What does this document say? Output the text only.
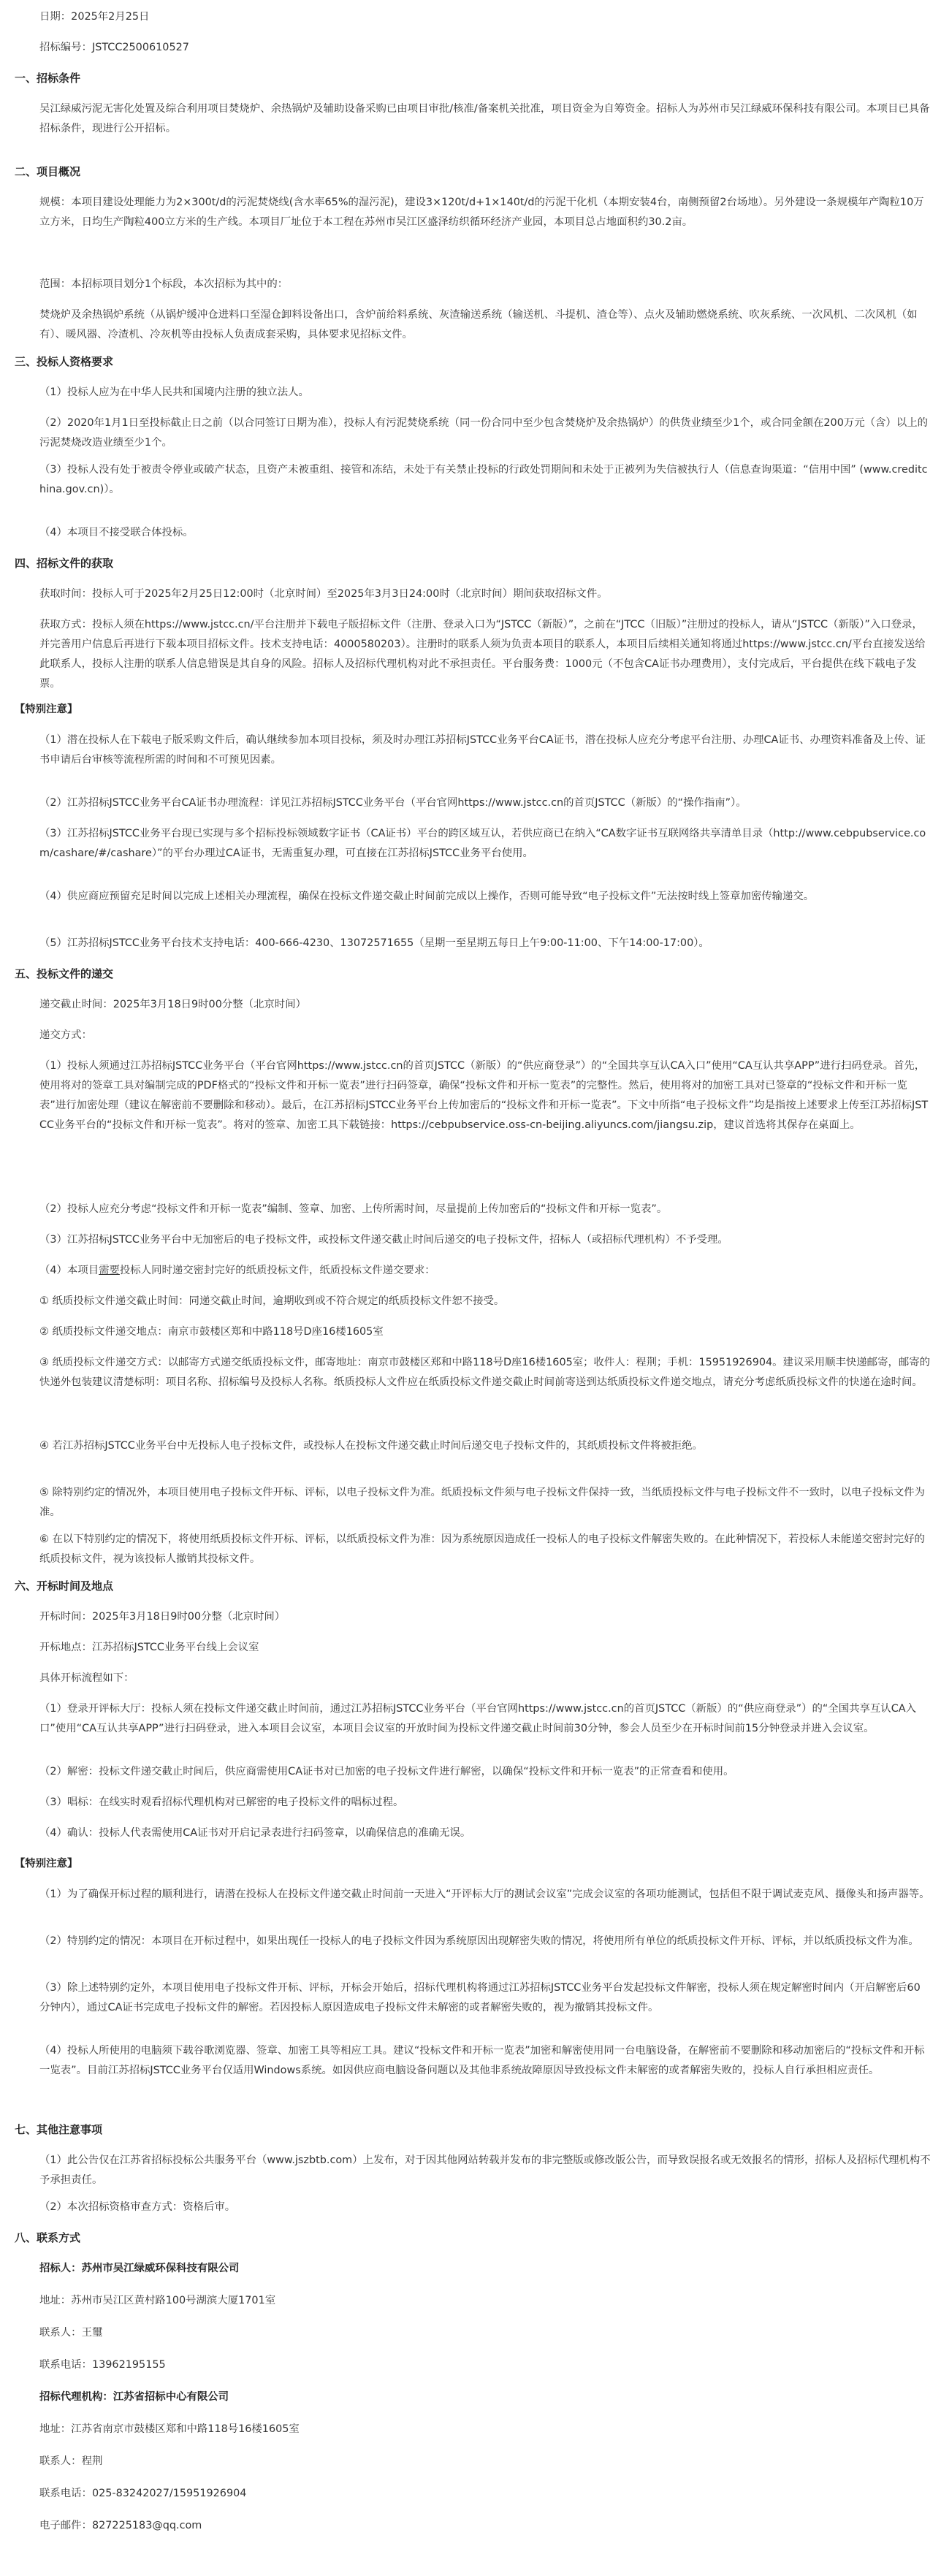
日期：2025年2月25日

招标编号：JSTCC2500610527

一、招标条件

吴江绿威污泥无害化处置及综合利用项目焚烧炉、余热锅炉及辅助设备采购已由项目审批/核准/备案机关批准，项目资金为自筹资金。招标人为苏州市吴江绿威环保科技有限公司。本项目已具备招标条件，现进行公开招标。

二、项目概况

规模：本项目建设处理能力为2×300t/d的污泥焚烧线(含水率65%的湿污泥)，建设3×120t/d+1×140t/d的污泥干化机（本期安装4台，南侧预留2台场地）。另外建设一条规模年产陶粒10万立方米，日均生产陶粒400立方米的生产线。本项目厂址位于本工程在苏州市吴江区盛泽纺织循环经济产业园，本项目总占地面积约30.2亩。

范围：本招标项目划分1个标段，本次招标为其中的：

焚烧炉及余热锅炉系统（从锅炉缓冲仓进料口至湿仓卸料设备出口，含炉前给料系统、灰渣输送系统（输送机、斗提机、渣仓等）、点火及辅助燃烧系统、吹灰系统、一次风机、二次风机（如有）、暖风器、冷渣机、冷灰机等由投标人负责成套采购，具体要求见招标文件。

三、投标人资格要求

（1）投标人应为在中华人民共和国境内注册的独立法人。

（2）2020年1月1日至投标截止日之前（以合同签订日期为准），投标人有污泥焚烧系统（同一份合同中至少包含焚烧炉及余热锅炉）的供货业绩至少1个，或合同金额在200万元（含）以上的污泥焚烧改造业绩至少1个。

（3）投标人没有处于被责令停业或破产状态，且资产未被重组、接管和冻结，未处于有关禁止投标的行政处罚期间和未处于正被列为失信被执行人（信息查询渠道：“信用中国” (www.creditchina.gov.cn)）。

（4）本项目不接受联合体投标。

四、招标文件的获取

获取时间：投标人可于2025年2月25日12:00时（北京时间）至2025年3月3日24:00时（北京时间）期间获取招标文件。

获取方式：投标人须在https://www.jstcc.cn/平台注册并下载电子版招标文件（注册、登录入口为“JSTCC（新版）”，之前在“JTCC（旧版）”注册过的投标人，请从“JSTCC（新版）”入口登录，并完善用户信息后再进行下载本项目招标文件。技术支持电话：4000580203）。注册时的联系人须为负责本项目的联系人，本项目后续相关通知将通过https://www.jstcc.cn/平台直接发送给此联系人，投标人注册的联系人信息错误是其自身的风险。招标人及招标代理机构对此不承担责任。平台服务费：1000元（不包含CA证书办理费用），支付完成后，平台提供在线下载电子发票。

【特别注意】

（1）潜在投标人在下载电子版采购文件后，确认继续参加本项目投标，须及时办理江苏招标JSTCC业务平台CA证书，潜在投标人应充分考虑平台注册、办理CA证书、办理资料准备及上传、证书申请后台审核等流程所需的时间和不可预见因素。

（2）江苏招标JSTCC业务平台CA证书办理流程：详见江苏招标JSTCC业务平台（平台官网https://www.jstcc.cn的首页JSTCC（新版）的“操作指南”）。

（3）江苏招标JSTCC业务平台现已实现与多个招标投标领域数字证书（CA证书）平台的跨区域互认，若供应商已在纳入“CA数字证书互联网络共享清单目录（http://www.cebpubservice.com/cashare/#/cashare）”的平台办理过CA证书，无需重复办理，可直接在江苏招标JSTCC业务平台使用。

（4）供应商应预留充足时间以完成上述相关办理流程，确保在投标文件递交截止时间前完成以上操作，否则可能导致“电子投标文件”无法按时线上签章加密传输递交。

（5）江苏招标JSTCC业务平台技术支持电话：400-666-4230、13072571655（星期一至星期五每日上午9:00-11:00、下午14:00-17:00）。

五、投标文件的递交

递交截止时间：2025年3月18日9时00分整（北京时间）

递交方式：

（1）投标人须通过江苏招标JSTCC业务平台（平台官网https://www.jstcc.cn的首页JSTCC（新版）的“供应商登录”）的“全国共享互认CA入口”使用“CA互认共享APP”进行扫码登录。首先，使用将对的签章工具对编制完成的PDF格式的“投标文件和开标一览表”进行扫码签章，确保“投标文件和开标一览表”的完整性。然后，使用将对的加密工具对已签章的“投标文件和开标一览表”进行加密处理（建议在解密前不要删除和移动）。最后，在江苏招标JSTCC业务平台上传加密后的“投标文件和开标一览表”。下文中所指“电子投标文件”均是指按上述要求上传至江苏招标JSTCC业务平台的“投标文件和开标一览表”。将对的签章、加密工具下载链接：https://cebpubservice.oss-cn-beijing.aliyuncs.com/jiangsu.zip，建议首选将其保存在桌面上。

（2）投标人应充分考虑“投标文件和开标一览表”编制、签章、加密、上传所需时间，尽量提前上传加密后的“投标文件和开标一览表”。

（3）江苏招标JSTCC业务平台中无加密后的电子投标文件，或投标文件递交截止时间后递交的电子投标文件，招标人（或招标代理机构）不予受理。

（4）本项目需要投标人同时递交密封完好的纸质投标文件，纸质投标文件递交要求：

① 纸质投标文件递交截止时间：同递交截止时间，逾期收到或不符合规定的纸质投标文件恕不接受。

② 纸质投标文件递交地点：南京市鼓楼区郑和中路118号D座16楼1605室

③ 纸质投标文件递交方式：以邮寄方式递交纸质投标文件，邮寄地址：南京市鼓楼区郑和中路118号D座16楼1605室；收件人：程荆；手机：15951926904。建议采用顺丰快递邮寄，邮寄的快递外包装建议清楚标明：项目名称、招标编号及投标人名称。纸质投标人文件应在纸质投标文件递交截止时间前寄送到达纸质投标文件递交地点，请充分考虑纸质投标文件的快递在途时间。

④ 若江苏招标JSTCC业务平台中无投标人电子投标文件，或投标人在投标文件递交截止时间后递交电子投标文件的，其纸质投标文件将被拒绝。

⑤ 除特别约定的情况外，本项目使用电子投标文件开标、评标，以电子投标文件为准。纸质投标文件须与电子投标文件保持一致，当纸质投标文件与电子投标文件不一致时，以电子投标文件为准。

⑥ 在以下特别约定的情况下，将使用纸质投标文件开标、评标，以纸质投标文件为准：因为系统原因造成任一投标人的电子投标文件解密失败的。在此种情况下，若投标人未能递交密封完好的纸质投标文件，视为该投标人撤销其投标文件。

六、开标时间及地点

开标时间：2025年3月18日9时00分整（北京时间）

开标地点：江苏招标JSTCC业务平台线上会议室

具体开标流程如下：

（1）登录开评标大厅：投标人须在投标文件递交截止时间前，通过江苏招标JSTCC业务平台（平台官网https://www.jstcc.cn的首页JSTCC（新版）的“供应商登录”）的“全国共享互认CA入口”使用“CA互认共享APP”进行扫码登录，进入本项目会议室，本项目会议室的开放时间为投标文件递交截止时间前30分钟，参会人员至少在开标时间前15分钟登录并进入会议室。

（2）解密：投标文件递交截止时间后，供应商需使用CA证书对已加密的电子投标文件进行解密，以确保“投标文件和开标一览表”的正常查看和使用。

（3）唱标：在线实时观看招标代理机构对已解密的电子投标文件的唱标过程。

（4）确认：投标人代表需使用CA证书对开启记录表进行扫码签章，以确保信息的准确无误。

【特别注意】

（1）为了确保开标过程的顺利进行，请潜在投标人在投标文件递交截止时间前一天进入“开评标大厅的测试会议室”完成会议室的各项功能测试，包括但不限于调试麦克风、摄像头和扬声器等。

（2）特别约定的情况：本项目在开标过程中，如果出现任一投标人的电子投标文件因为系统原因出现解密失败的情况，将使用所有单位的纸质投标文件开标、评标，并以纸质投标文件为准。

（3）除上述特别约定外，本项目使用电子投标文件开标、评标，开标会开始后，招标代理机构将通过江苏招标JSTCC业务平台发起投标文件解密，投标人须在规定解密时间内（开启解密后60分钟内），通过CA证书完成电子投标文件的解密。若因投标人原因造成电子投标文件未解密的或者解密失败的，视为撤销其投标文件。

（4）投标人所使用的电脑须下载谷歌浏览器、签章、加密工具等相应工具。建议“投标文件和开标一览表”加密和解密使用同一台电脑设备，在解密前不要删除和移动加密后的“投标文件和开标一览表”。目前江苏招标JSTCC业务平台仅适用Windows系统。如因供应商电脑设备问题以及其他非系统故障原因导致投标文件未解密的或者解密失败的，投标人自行承担相应责任。

七、其他注意事项

（1）此公告仅在江苏省招标投标公共服务平台（www.jszbtb.com）上发布，对于因其他网站转载并发布的非完整版或修改版公告，而导致误报名或无效报名的情形，招标人及招标代理机构不予承担责任。

（2）本次招标资格审查方式：资格后审。

八、联系方式

招标人：苏州市吴江绿威环保科技有限公司

地址：苏州市吴江区黄村路100号湖滨大厦1701室

联系人：王璽

联系电话：13962195155

招标代理机构：江苏省招标中心有限公司

地址：江苏省南京市鼓楼区郑和中路118号16楼1605室

联系人：程荆

联系电话：025-83242027/15951926904

电子邮件：827225183@qq.com
